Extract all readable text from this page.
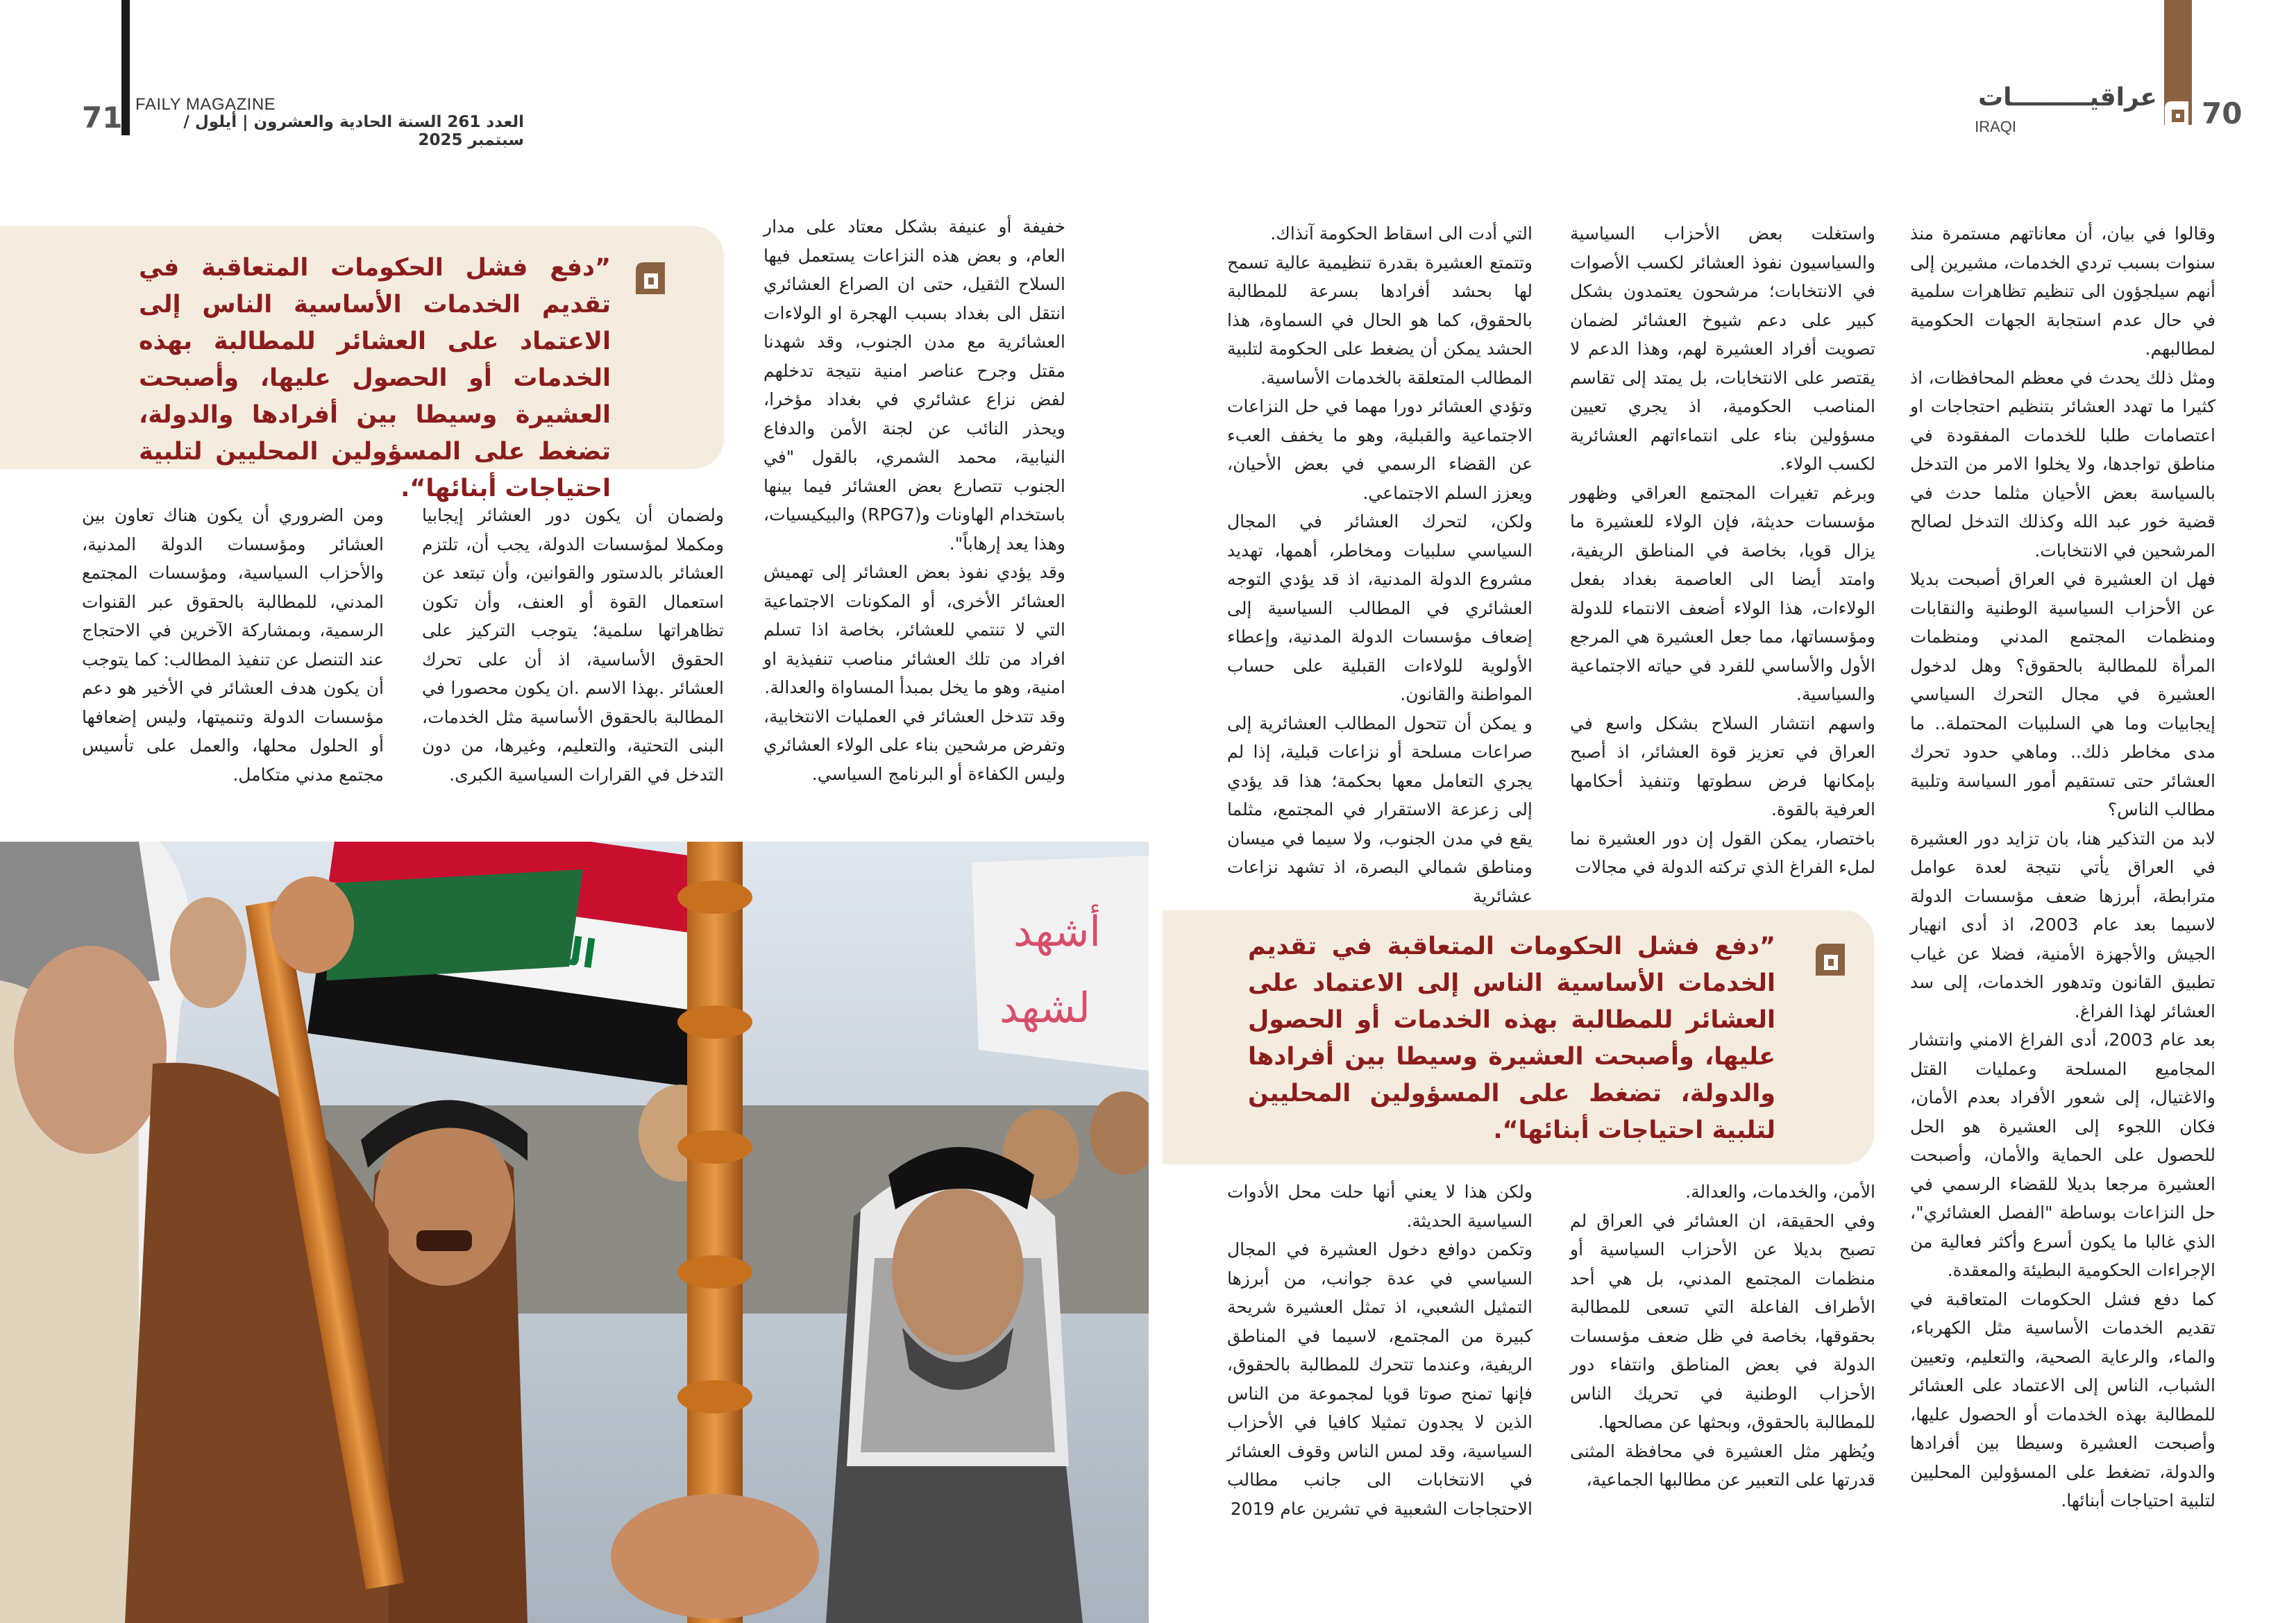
71 FAILY MAGAZINE
العدد 261 السنة الحادية والعشرون | أيلول / سبتمبر 2025
70
عراقيـــــــــات
IRAQI

وقالوا في بيان، أن معاناتهم مستمرة منذ سنوات بسبب تردي الخدمات، مشيرين إلى أنهم سيلجؤون الى تنظيم تظاهرات سلمية في حال عدم استجابة الجهات الحكومية لمطالبهم.

ومثل ذلك يحدث في معظم المحافظات، اذ كثيرا ما تهدد العشائر بتنظيم احتجاجات او اعتصامات طلبا للخدمات المفقودة في مناطق تواجدها، ولا يخلوا الامر من التدخل بالسياسة بعض الأحيان مثلما حدث في قضية خور عبد الله وكذلك التدخل لصالح المرشحين في الانتخابات.

فهل ان العشيرة في العراق أصبحت بديلا عن الأحزاب السياسية الوطنية والنقابات ومنظمات المجتمع المدني ومنظمات المرأة للمطالبة بالحقوق؟ وهل لدخول العشيرة في مجال التحرك السياسي إيجابيات وما هي السلبيات المحتملة.. ما مدى مخاطر ذلك.. وماهي حدود تحرك العشائر حتى تستقيم أمور السياسة وتلبية مطالب الناس؟

لابد من التذكير هنا، بان تزايد دور العشيرة في العراق يأتي نتيجة لعدة عوامل مترابطة، أبرزها ضعف مؤسسات الدولة لاسيما بعد عام 2003، اذ أدى انهيار الجيش والأجهزة الأمنية، فضلا عن غياب تطبيق القانون وتدهور الخدمات، إلى سد العشائر لهذا الفراغ.

بعد عام 2003، أدى الفراغ الامني وانتشار المجاميع المسلحة وعمليات القتل والاغتيال، إلى شعور الأفراد بعدم الأمان، فكان اللجوء إلى العشيرة هو الحل للحصول على الحماية والأمان، وأصبحت العشيرة مرجعا بديلا للقضاء الرسمي في حل النزاعات بوساطة "الفصل العشائري"، الذي غالبا ما يكون أسرع وأكثر فعالية من الإجراءات الحكومية البطيئة والمعقدة.

كما دفع فشل الحكومات المتعاقبة في تقديم الخدمات الأساسية مثل الكهرباء، والماء، والرعاية الصحية، والتعليم، وتعيين الشباب، الناس إلى الاعتماد على العشائر للمطالبة بهذه الخدمات أو الحصول عليها، وأصبحت العشيرة وسيطا بين أفرادها والدولة، تضغط على المسؤولين المحليين لتلبية احتياجات أبنائها.

واستغلت بعض الأحزاب السياسية والسياسيون نفوذ العشائر لكسب الأصوات في الانتخابات؛ مرشحون يعتمدون بشكل كبير على دعم شيوخ العشائر لضمان تصويت أفراد العشيرة لهم، وهذا الدعم لا يقتصر على الانتخابات، بل يمتد إلى تقاسم المناصب الحكومية، اذ يجري تعيين مسؤولين بناء على انتماءاتهم العشائرية لكسب الولاء.

وبرغم تغيرات المجتمع العراقي وظهور مؤسسات حديثة، فإن الولاء للعشيرة ما يزال قويا، بخاصة في المناطق الريفية، وامتد أيضا الى العاصمة بغداد بفعل الولاءات، هذا الولاء أضعف الانتماء للدولة ومؤسساتها، مما جعل العشيرة هي المرجع الأول والأساسي للفرد في حياته الاجتماعية والسياسية.

واسهم انتشار السلاح بشكل واسع في العراق في تعزيز قوة العشائر، اذ أصبح بإمكانها فرض سطوتها وتنفيذ أحكامها العرفية بالقوة.

باختصار، يمكن القول إن دور العشيرة نما لملء الفراغ الذي تركته الدولة في مجالات

التي أدت الى اسقاط الحكومة آنذاك.

وتتمتع العشيرة بقدرة تنظيمية عالية تسمح لها بحشد أفرادها بسرعة للمطالبة بالحقوق، كما هو الحال في السماوة، هذا الحشد يمكن أن يضغط على الحكومة لتلبية المطالب المتعلقة بالخدمات الأساسية.

وتؤدي العشائر دورا مهما في حل النزاعات الاجتماعية والقبلية، وهو ما يخفف العبء عن القضاء الرسمي في بعض الأحيان، ويعزز السلم الاجتماعي.

ولكن، لتحرك العشائر في المجال السياسي سلبيات ومخاطر، أهمها، تهديد مشروع الدولة المدنية، اذ قد يؤدي التوجه العشائري في المطالب السياسية إلى إضعاف مؤسسات الدولة المدنية، وإعطاء الأولوية للولاءات القبلية على حساب المواطنة والقانون.

و يمكن أن تتحول المطالب العشائرية إلى صراعات مسلحة أو نزاعات قبلية، إذا لم يجري التعامل معها بحكمة؛ هذا قد يؤدي إلى زعزعة الاستقرار في المجتمع، مثلما يقع في مدن الجنوب، ولا سيما في ميسان ومناطق شمالي البصرة، اذ تشهد نزاعات عشائرية

”دفع فشل الحكومات المتعاقبة في تقديم الخدمات الأساسية الناس إلى الاعتماد على العشائر للمطالبة بهذه الخدمات أو الحصول عليها، وأصبحت العشيرة وسيطا بين أفرادها والدولة، تضغط على المسؤولين المحليين لتلبية احتياجات أبنائها“.

الأمن، والخدمات، والعدالة.

وفي الحقيقة، ان العشائر في العراق لم تصبح بديلا عن الأحزاب السياسية أو منظمات المجتمع المدني، بل هي أحد الأطراف الفاعلة التي تسعى للمطالبة بحقوقها، بخاصة في ظل ضعف مؤسسات الدولة في بعض المناطق وانتفاء دور الأحزاب الوطنية في تحريك الناس للمطالبة بالحقوق، وبحثها عن مصالحها.

ويُظهر مثل العشيرة في محافظة المثنى قدرتها على التعبير عن مطالبها الجماعية،

ولكن هذا لا يعني أنها حلت محل الأدوات السياسية الحديثة.

وتكمن دوافع دخول العشيرة في المجال السياسي في عدة جوانب، من أبرزها التمثيل الشعبي، اذ تمثل العشيرة شريحة كبيرة من المجتمع، لاسيما في المناطق الريفية، وعندما تتحرك للمطالبة بالحقوق، فإنها تمنح صوتا قويا لمجموعة من الناس الذين لا يجدون تمثيلا كافيا في الأحزاب السياسية، وقد لمس الناس وقوف العشائر في الانتخابات الى جانب مطالب الاحتجاجات الشعبية في تشرين عام 2019

”دفع فشل الحكومات المتعاقبة في تقديم الخدمات الأساسية الناس إلى الاعتماد على العشائر للمطالبة بهذه الخدمات أو الحصول عليها، وأصبحت العشيرة وسيطا بين أفرادها والدولة، تضغط على المسؤولين المحليين لتلبية احتياجات أبنائها“.

خفيفة أو عنيفة بشكل معتاد على مدار العام، و بعض هذه النزاعات يستعمل فيها السلاح الثقيل، حتى ان الصراع العشائري انتقل الى بغداد بسبب الهجرة او الولاءات العشائرية مع مدن الجنوب، وقد شهدنا مقتل وجرح عناصر امنية نتيجة تدخلهم لفض نزاع عشائري في بغداد مؤخرا، ويحذر النائب عن لجنة الأمن والدفاع النيابية، محمد الشمري، بالقول "في الجنوب تتصارع بعض العشائر فيما بينها باستخدام الهاونات و(RPG7) والبيكيسيات، وهذا يعد إرهاباً".

وقد يؤدي نفوذ بعض العشائر إلى تهميش العشائر الأخرى، أو المكونات الاجتماعية التي لا تنتمي للعشائر، بخاصة اذا تسلم افراد من تلك العشائر مناصب تنفيذية او امنية، وهو ما يخل بمبدأ المساواة والعدالة.

وقد تتدخل العشائر في العمليات الانتخابية، وتفرض مرشحين بناء على الولاء العشائري وليس الكفاءة أو البرنامج السياسي.

ولضمان أن يكون دور العشائر إيجابيا ومكملا لمؤسسات الدولة، يجب أن، تلتزم العشائر بالدستور والقوانين، وأن تبتعد عن استعمال القوة أو العنف، وأن تكون تظاهراتها سلمية؛ يتوجب التركيز على الحقوق الأساسية، اذ أن على تحرك العشائر .بهذا الاسم .ان يكون محصورا في المطالبة بالحقوق الأساسية مثل الخدمات، البنى التحتية، والتعليم، وغيرها، من دون التدخل في القرارات السياسية الكبرى.

ومن الضروري أن يكون هناك تعاون بين العشائر ومؤسسات الدولة المدنية، والأحزاب السياسية، ومؤسسات المجتمع المدني، للمطالبة بالحقوق عبر القنوات الرسمية، وبمشاركة الآخرين في الاحتجاج عند التنصل عن تنفيذ المطالب: كما يتوجب أن يكون هدف العشائر في الأخير هو دعم مؤسسات الدولة وتنميتها، وليس إضعافها أو الحلول محلها، والعمل على تأسيس مجتمع مدني متكامل.

أشهد
لشهد
